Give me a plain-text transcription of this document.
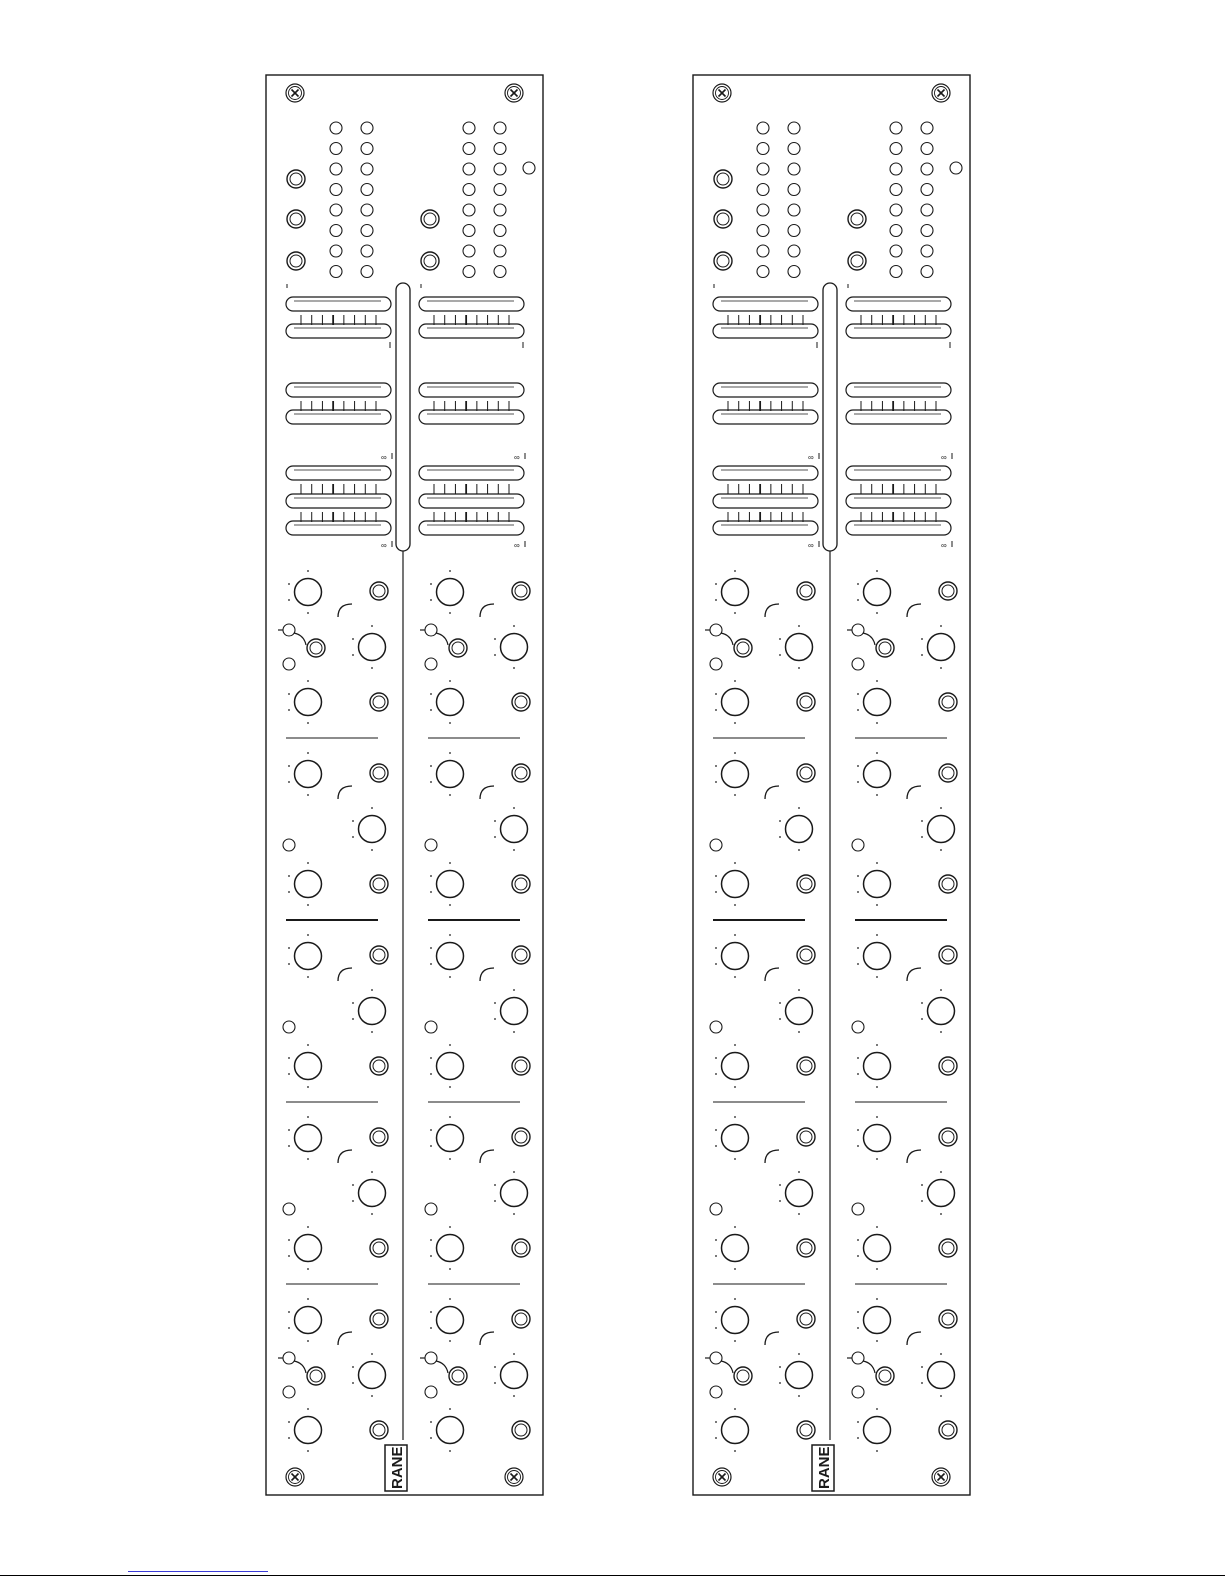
RANE
∞
∞
∞
∞
RANE
∞
∞
∞
∞
